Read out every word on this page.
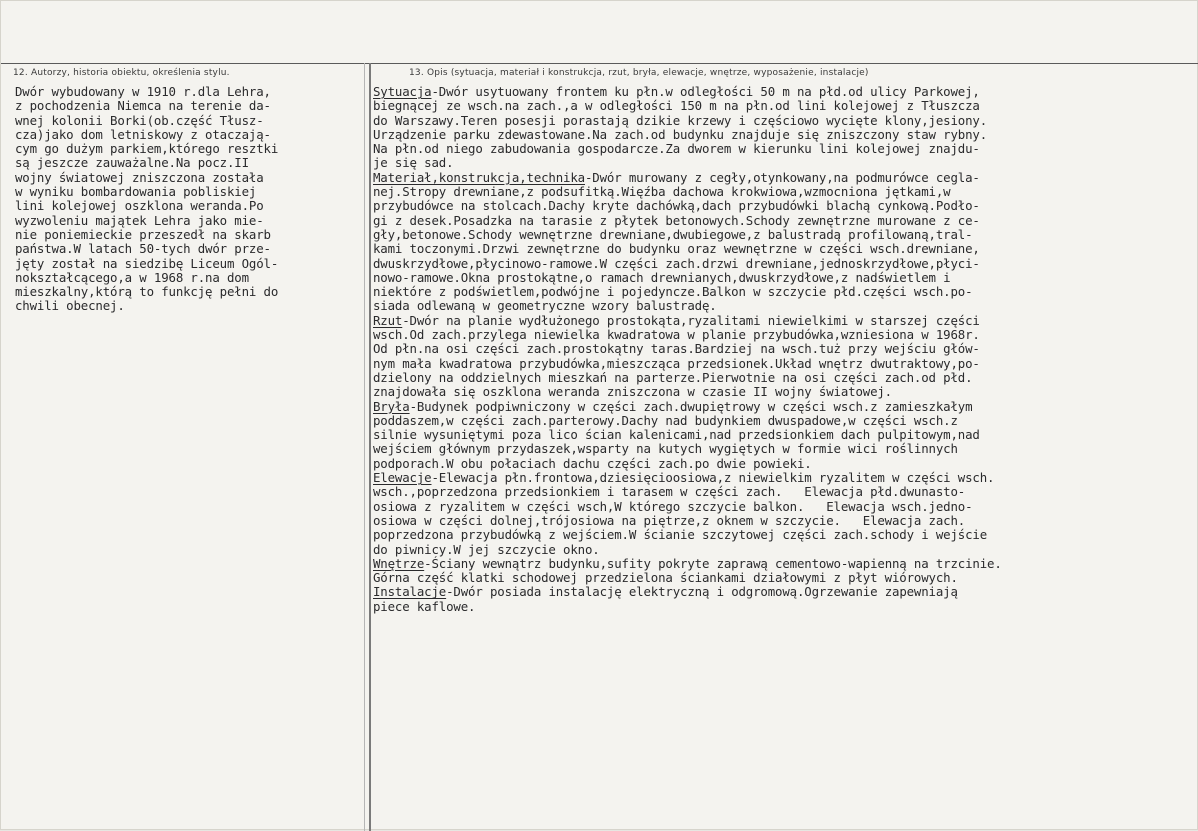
12. Autorzy, historia obiektu, określenia stylu.	13. Opis (sytuacja, materiał i konstrukcja, rzut, bryła, elewacje, wnętrze, wyposażenie, instalacje)
Dwór wybudowany w 1910 r.dla Lehra,
z pochodzenia Niemca na terenie da-
wnej kolonii Borki(ob.część Tłusz-
cza)jako dom letniskowy z otaczają-
cym go dużym parkiem,którego resztki
są jeszcze zauważalne.Na pocz.II
wojny światowej zniszczona została
w wyniku bombardowania pobliskiej
lini kolejowej oszklona weranda.Po
wyzwoleniu majątek Lehra jako mie-
nie poniemieckie przeszedł na skarb
państwa.W latach 50-tych dwór prze-
jęty został na siedzibę Liceum Ogól-
nokształcącego,a w 1968 r.na dom
mieszkalny,którą to funkcję pełni do
chwili obecnej.
Sytuacja-Dwór usytuowany frontem ku płn.w odległości 50 m na płd.od ulicy Parkowej,
biegnącej ze wsch.na zach.,a w odległości 150 m na płn.od lini kolejowej z Tłuszcza
do Warszawy.Teren posesji porastają dzikie krzewy i częściowo wycięte klony,jesiony.
Urządzenie parku zdewastowane.Na zach.od budynku znajduje się zniszczony staw rybny.
Na płn.od niego zabudowania gospodarcze.Za dworem w kierunku lini kolejowej znajdu-
je się sad.
Materiał,konstrukcja,technika-Dwór murowany z cegły,otynkowany,na podmurówce cegla-
nej.Stropy drewniane,z podsufitką.Więźba dachowa krokwiowa,wzmocniona jętkami,w
przybudówce na stolcach.Dachy kryte dachówką,dach przybudówki blachą cynkową.Podło-
gi z desek.Posadzka na tarasie z płytek betonowych.Schody zewnętrzne murowane z ce-
gły,betonowe.Schody wewnętrzne drewniane,dwubiegowe,z balustradą profilowaną,tral-
kami toczonymi.Drzwi zewnętrzne do budynku oraz wewnętrzne w części wsch.drewniane,
dwuskrzydłowe,płycinowo-ramowe.W części zach.drzwi drewniane,jednoskrzydłowe,płyci-
nowo-ramowe.Okna prostokątne,o ramach drewnianych,dwuskrzydłowe,z nadświetlem i
niektóre z podświetlem,podwójne i pojedyncze.Balkon w szczycie płd.części wsch.po-
siada odlewaną w geometryczne wzory balustradę.
Rzut-Dwór na planie wydłużonego prostokąta,ryzalitami niewielkimi w starszej części
wsch.Od zach.przylega niewielka kwadratowa w planie przybudówka,wzniesiona w 1968r.
Od płn.na osi części zach.prostokątny taras.Bardziej na wsch.tuż przy wejściu głów-
nym mała kwadratowa przybudówka,mieszcząca przedsionek.Układ wnętrz dwutraktowy,po-
dzielony na oddzielnych mieszkań na parterze.Pierwotnie na osi części zach.od płd.
znajdowała się oszklona weranda zniszczona w czasie II wojny światowej.
Bryła-Budynek podpiwniczony w części zach.dwupiętrowy w części wsch.z zamieszkałym
poddaszem,w części zach.parterowy.Dachy nad budynkiem dwuspadowe,w części wsch.z
silnie wysuniętymi poza lico ścian kalenicami,nad przedsionkiem dach pulpitowym,nad
wejściem głównym przydaszek,wsparty na kutych wygiętych w formie wici roślinnych
podporach.W obu połaciach dachu części zach.po dwie powieki.
Elewacje-Elewacja płn.frontowa,dziesięcioosiowa,z niewielkim ryzalitem w części wsch.
wsch.,poprzedzona przedsionkiem i tarasem w części zach.   Elewacja płd.dwunasto-
osiowa z ryzalitem w części wsch,W którego szczycie balkon.   Elewacja wsch.jedno-
osiowa w części dolnej,trójosiowa na piętrze,z oknem w szczycie.   Elewacja zach.
poprzedzona przybudówką z wejściem.W ścianie szczytowej części zach.schody i wejście
do piwnicy.W jej szczycie okno.
Wnętrze-Ściany wewnątrz budynku,sufity pokryte zaprawą cementowo-wapienną na trzcinie.
Górna część klatki schodowej przedzielona ściankami działowymi z płyt wiórowych.
Instalacje-Dwór posiada instalację elektryczną i odgromową.Ogrzewanie zapewniają
piece kaflowe.
